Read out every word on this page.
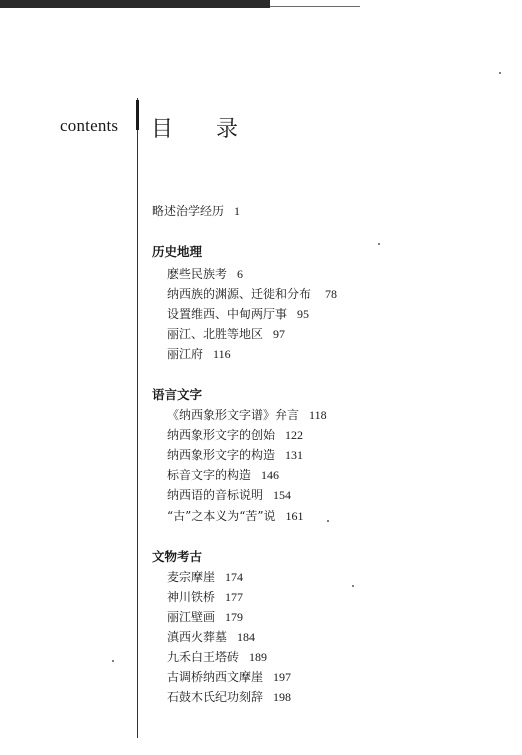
contents 目 录
略述治学经历 1
历史地理
麽些民族考 6
纳西族的渊源、迁徙和分布 78
设置维西、中甸两厅事 95
丽江、北胜等地区 97
丽江府 116
语言文字
《纳西象形文字谱》弁言 118
纳西象形文字的创始 122
纳西象形文字的构造 131
标音文字的构造 146
纳西语的音标说明 154
“古”之本义为“苦”说 161
文物考古
麦宗摩崖 174
神川铁桥 177
丽江壁画 179
滇西火葬墓 184
九禾白王塔砖 189
古调桥纳西文摩崖 197
石鼓木氏纪功刻辞 198
